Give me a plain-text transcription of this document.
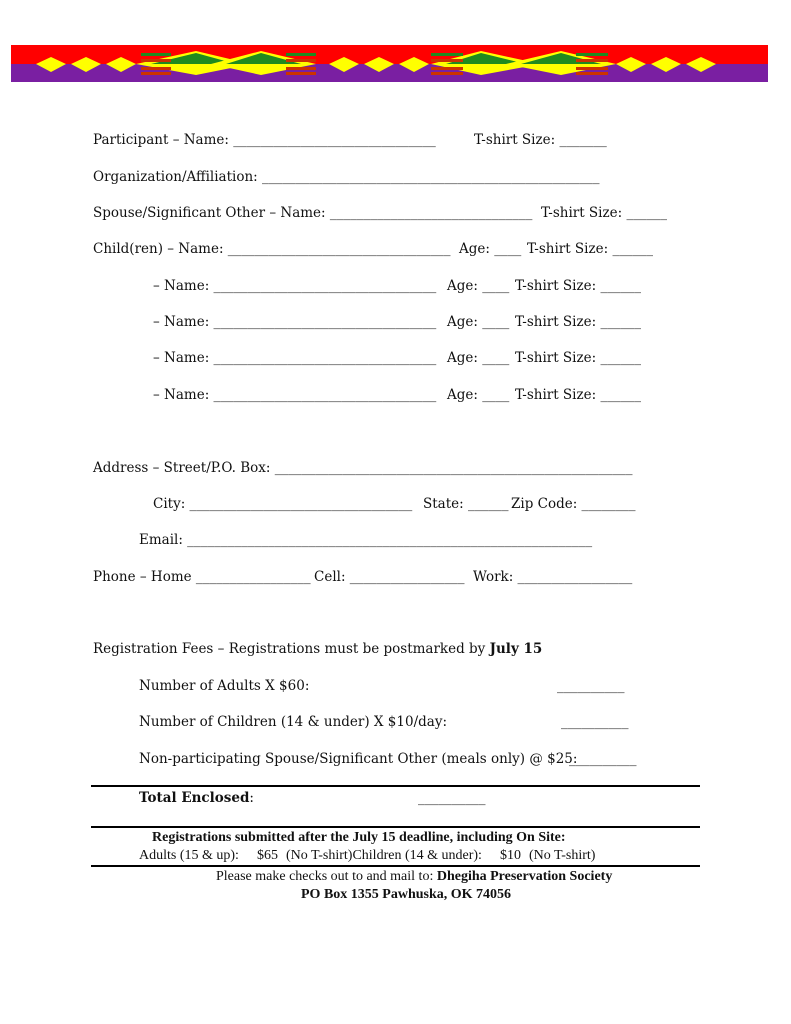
Participant – Name: ______________________________	T-shirt Size: _______
Organization/Affiliation: __________________________________________________
Spouse/Significant Other – Name: ______________________________ T-shirt Size: ______
Child(ren) – Name: _________________________________ Age: ____ T-shirt Size: ______
– Name: _________________________________ Age: ____ T-shirt Size: ______
– Name: _________________________________ Age: ____ T-shirt Size: ______
– Name: _________________________________ Age: ____ T-shirt Size: ______
– Name: _________________________________ Age: ____ T-shirt Size: ______
Address – Street/P.O. Box: _____________________________________________________
City: _________________________________ State: ______ Zip Code: ________
Email: ____________________________________________________________
Phone – Home _________________ Cell: _________________ Work: _________________
Registration Fees – Registrations must be postmarked by July 15
Number of Adults X $60:	__________
Number of Children (14 & under) X $10/day:	__________
Non-participating Spouse/Significant Other (meals only) @ $25:
__________
Total Enclosed:	__________
Registrations submitted after the July 15 deadline, including On Site:
Adults (15 & up): $65 (No T-shirt)Children (14 & under): $10 (No T-shirt)
Please make checks out to and mail to: Dhegiha Preservation Society
PO Box 1355 Pawhuska, OK 74056
